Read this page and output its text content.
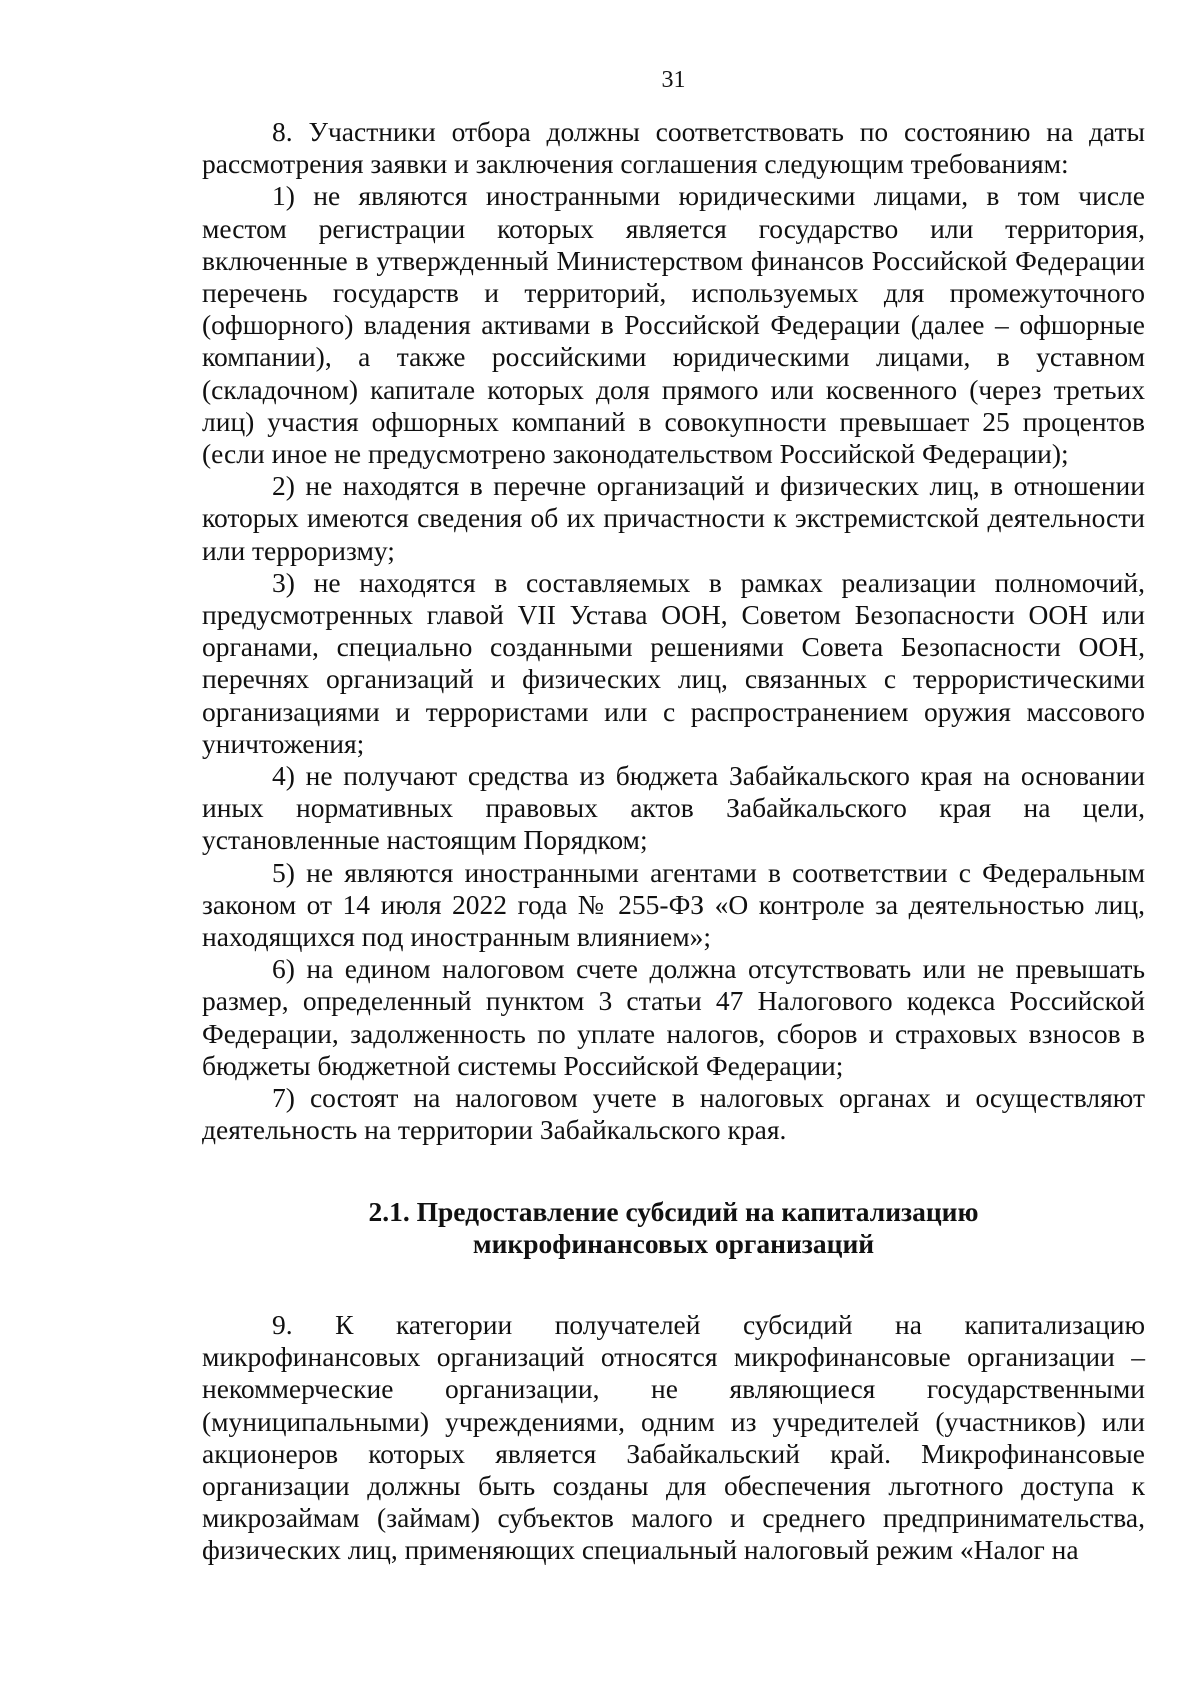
31

8. Участники отбора должны соответствовать по состоянию на даты рассмотрения заявки и заключения соглашения следующим требованиям:

1) не являются иностранными юридическими лицами, в том числе местом регистрации которых является государство или территория, включенные в утвержденный Министерством финансов Российской Федерации перечень государств и территорий, используемых для промежуточного (офшорного) владения активами в Российской Федерации (далее – офшорные компании), а также российскими юридическими лицами, в уставном (складочном) капитале которых доля прямого или косвенного (через третьих лиц) участия офшорных компаний в совокупности превышает 25 процентов (если иное не предусмотрено законодательством Российской Федерации);

2) не находятся в перечне организаций и физических лиц, в отношении которых имеются сведения об их причастности к экстремистской деятельности или терроризму;

3) не находятся в составляемых в рамках реализации полномочий, предусмотренных главой VII Устава ООН, Советом Безопасности ООН или органами, специально созданными решениями Совета Безопасности ООН, перечнях организаций и физических лиц, связанных с террористическими организациями и террористами или с распространением оружия массового уничтожения;

4) не получают средства из бюджета Забайкальского края на основании иных нормативных правовых актов Забайкальского края на цели, установленные настоящим Порядком;

5) не являются иностранными агентами в соответствии с Федеральным законом от 14 июля 2022 года № 255-ФЗ «О контроле за деятельностью лиц, находящихся под иностранным влиянием»;

6) на едином налоговом счете должна отсутствовать или не превышать размер, определенный пунктом 3 статьи 47 Налогового кодекса Российской Федерации, задолженность по уплате налогов, сборов и страховых взносов в бюджеты бюджетной системы Российской Федерации;

7) состоят на налоговом учете в налоговых органах и осуществляют деятельность на территории Забайкальского края.

2.1. Предоставление субсидий на капитализацию
микрофинансовых организаций

9. К категории получателей субсидий на капитализацию микрофинансовых организаций относятся микрофинансовые организации – некоммерческие организации, не являющиеся государственными (муниципальными) учреждениями, одним из учредителей (участников) или акционеров которых является Забайкальский край. Микрофинансовые организации должны быть созданы для обеспечения льготного доступа к микрозаймам (займам) субъектов малого и среднего предпринимательства, физических лиц, применяющих специальный налоговый режим «Налог на
